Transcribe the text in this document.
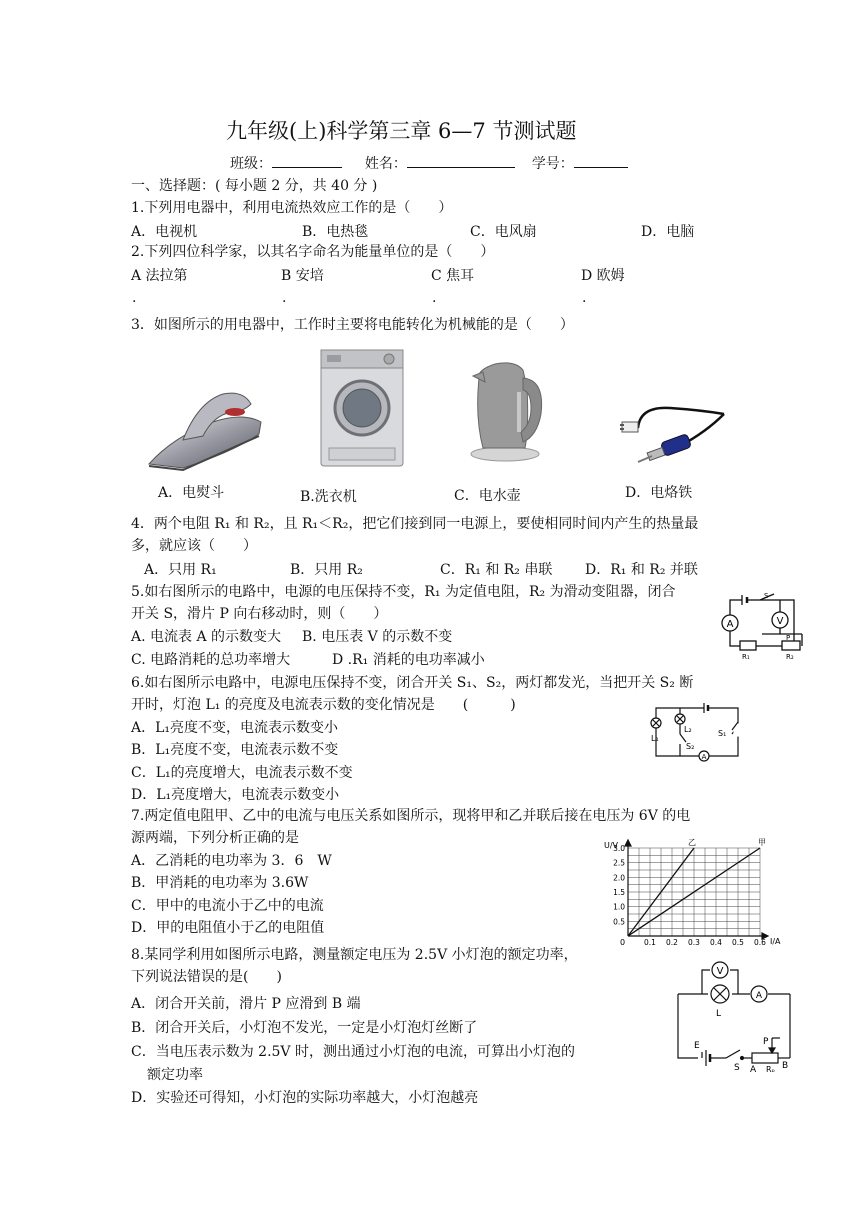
九年级(上)科学第三章 6—7 节测试题
班级：	姓名：	学号：
一、选择题：( 每小题 2 分，共 40 分 )
1.下列用电器中，利用电流热效应工作的是（　　）
A．电视机	B．电热毯	C．电风扇	D．电脑
2.下列四位科学家，以其名字命名为能量单位的是（　　）
A 法拉第	B 安培	C 焦耳	D 欧姆
.	.	.	.
3．如图所示的用电器中，工作时主要将电能转化为机械能的是（　　）
A．电熨斗	B.洗衣机	C．电水壶	D．电烙铁
4．两个电阻 R₁ 和 R₂，且 R₁＜R₂，把它们接到同一电源上，要使相同时间内产生的热量最
多，就应该（　　）
A．只用 R₁	B．只用 R₂	C．R₁ 和 R₂ 串联 D．R₁ 和 R₂ 并联
5.如右图所示的电路中，电源的电压保持不变，R₁ 为定值电阻，R₂ 为滑动变阻器，闭合
开关 S，滑片 P 向右移动时，则（　　）
A. 电流表 A 的示数变大 B. 电压表 V 的示数不变
C. 电路消耗的总功率增大	D .R₁ 消耗的电功率减小
A	V
S
P
R₁	R₂
6.如右图所示电路中，电源电压保持不变，闭合开关 S₁、S₂，两灯都发光，当把开关 S₂ 断
开时，灯泡 L₁ 的亮度及电流表示数的变化情况是　　(　　　)
A．L₁亮度不变，电流表示数变小
B．L₁亮度不变，电流表示数不变
C．L₁的亮度增大，电流表示数不变
D．L₁亮度增大，电流表示数变小
A
L₁
L₂
S₂
S₁
7.两定值电阻甲、乙中的电流与电压关系如图所示，现将甲和乙并联后接在电压为 6V 的电
源两端，下列分析正确的是
A．乙消耗的电功率为 3．6　W
B．甲消耗的电功率为 3.6W
C．甲中的电流小于乙中的电流
D．甲的电阻值小于乙的电阻值
0.1 0.2 0.3 0.4 0.5 0.6
0.5
1.0
1.5
2.0
2.5
3.0
乙	甲
U/V
I/A
0
8.某同学利用如图所示电路，测量额定电压为 2.5V 小灯泡的额定功率，
下列说法错误的是(　　)
A．闭合开关前，滑片 P 应滑到 B 端
B．闭合开关后，小灯泡不发光，一定是小灯泡灯丝断了
C．当电压表示数为 2.5V 时，测出通过小灯泡的电流，可算出小灯泡的
额定功率
D．实验还可得知，小灯泡的实际功率越大，小灯泡越亮
V
A
L
E
S A	B
P
Rₚ
